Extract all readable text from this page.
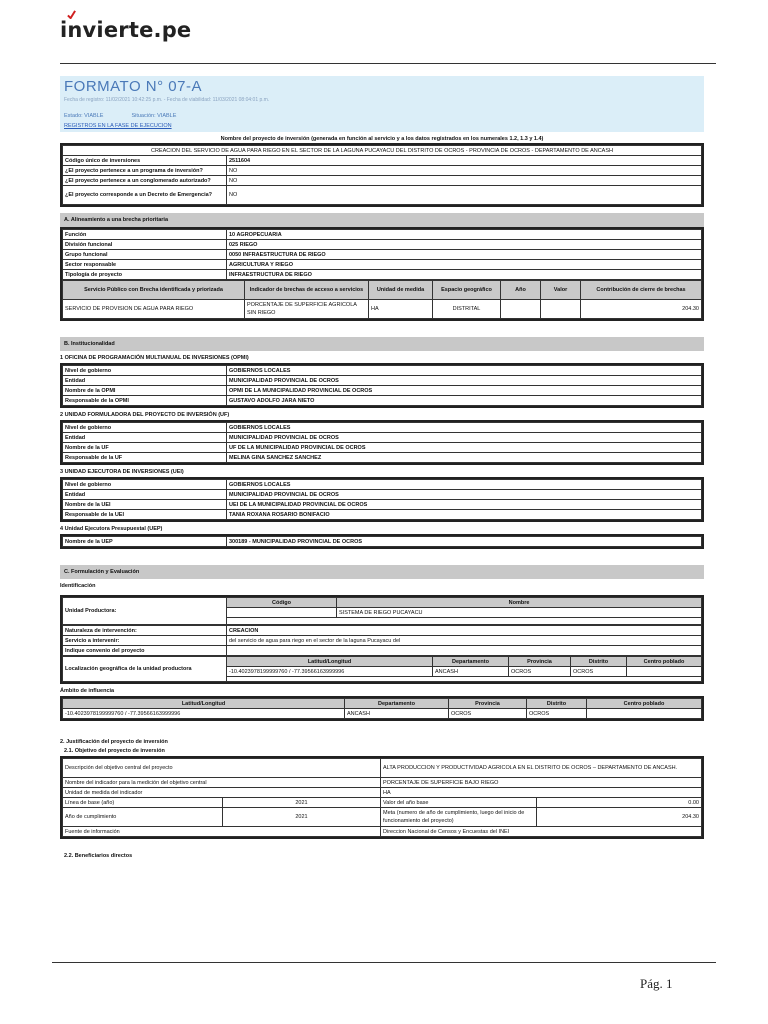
invierte.pe
FORMATO N° 07-A
Fecha de registro: 11/02/2021 10:42:25 p.m. - Fecha de viabilidad: 11/03/2021 08:04:01 p.m.
Estado: VIABLE	Situación: VIABLE
REGISTROS EN LA FASE DE EJECUCION
Nombre del proyecto de inversión (generada en función al servicio y a los datos registrados en los numerales 1.2, 1.3 y 1.4)
CREACION DEL SERVICIO DE AGUA PARA RIEGO EN EL SECTOR DE LA LAGUNA PUCAYACU DEL DISTRITO DE OCROS - PROVINCIA DE OCROS - DEPARTAMENTO DE ANCASH	
Código único de inversiones	2511604
¿El proyecto pertenece a un programa de inversión?	NO
¿El proyecto pertenece a un conglomerado autorizado?	NO
¿El proyecto corresponde a un Decreto de Emergencia?	NO
A. Alineamiento a una brecha prioritaria
Función	10 AGROPECUARIA
División funcional	025 RIEGO
Grupo funcional	0050 INFRAESTRUCTURA DE RIEGO
Sector responsable	AGRICULTURA Y RIEGO
Tipología de proyecto	INFRAESTRUCTURA DE RIEGO
Servicio Público con Brecha identificada y priorizada	Indicador de brechas de acceso a servicios	Unidad de medida	Espacio geográfico	Año	Valor	Contribución de cierre de brechas
SERVICIO DE PROVISION DE AGUA PARA RIEGO	PORCENTAJE DE SUPERFICIE AGRICOLA SIN RIEGO	HA	DISTRITAL			204.30
B. Institucionalidad
1 OFICINA DE PROGRAMACIÓN MULTIANUAL DE INVERSIONES (OPMI)
Nivel de gobierno	GOBIERNOS LOCALES
Entidad	MUNICIPALIDAD PROVINCIAL DE OCROS
Nombre de la OPMI	OPMI DE LA MUNICIPALIDAD PROVINCIAL DE OCROS
Responsable de la OPMI	GUSTAVO ADOLFO JARA NIETO
2 UNIDAD FORMULADORA DEL PROYECTO DE INVERSIÓN (UF)
Nivel de gobierno	GOBIERNOS LOCALES
Entidad	MUNICIPALIDAD PROVINCIAL DE OCROS
Nombre de la UF	UF DE LA MUNICIPALIDAD PROVINCIAL DE OCROS
Responsable de la UF	MELINA GINA SANCHEZ SANCHEZ
3 UNIDAD EJECUTORA DE INVERSIONES (UEI)
Nivel de gobierno	GOBIERNOS LOCALES
Entidad	MUNICIPALIDAD PROVINCIAL DE OCROS
Nombre de la UEI	UEI DE LA MUNICIPALIDAD PROVINCIAL DE OCROS
Responsable de la UEI	TANIA ROXANA ROSARIO BONIFACIO
4 Unidad Ejecutora Presupuestal (UEP)
Nombre de la UEP	300189 - MUNICIPALIDAD PROVINCIAL DE OCROS
C. Formulación y Evaluación
Identificación
Unidad Productora:	Código	Nombre
		SISTEMA DE RIEGO PUCAYACU

Naturaleza de intervención:	CREACION
Servicio a intervenir:	del servicio de agua para riego en el sector de la laguna Pucayacu del
Indique convenio del proyecto	
Localización geográfica de la unidad productora	Latitud/Longitud	Departamento	Provincia	Distrito	Centro poblado
	-10.4023978199999760 / -77.39566163999996	ANCASH	OCROS	OCROS	

Ámbito de influencia
Latitud/Longitud	Departamento	Provincia	Distrito	Centro poblado
-10.4023978199999760 / -77.39566163999996	ANCASH	OCROS	OCROS	
2. Justificación del proyecto de inversión
2.1. Objetivo del proyecto de inversión
Descripción del objetivo central del proyecto		ALTA PRODUCCION Y PRODUCTIVIDAD AGRICOLA EN EL DISTRITO DE OCROS – DEPARTAMENTO DE ANCASH.	
Nombre del indicador para la medición del objetivo central		PORCENTAJE DE SUPERFICIE BAJO RIEGO	
Unidad de medida del indicador		HA	
Línea de base (año)	2021	Valor del año base	0.00
Año de cumplimiento	2021	Meta (numero de año de cumplimiento, luego del inicio de funcionamiento del proyecto)	204.30
Fuente de información		Direccion Nacional de Censos y Encuestas del INEI	
2.2. Beneficiarios directos
Pág. 1
